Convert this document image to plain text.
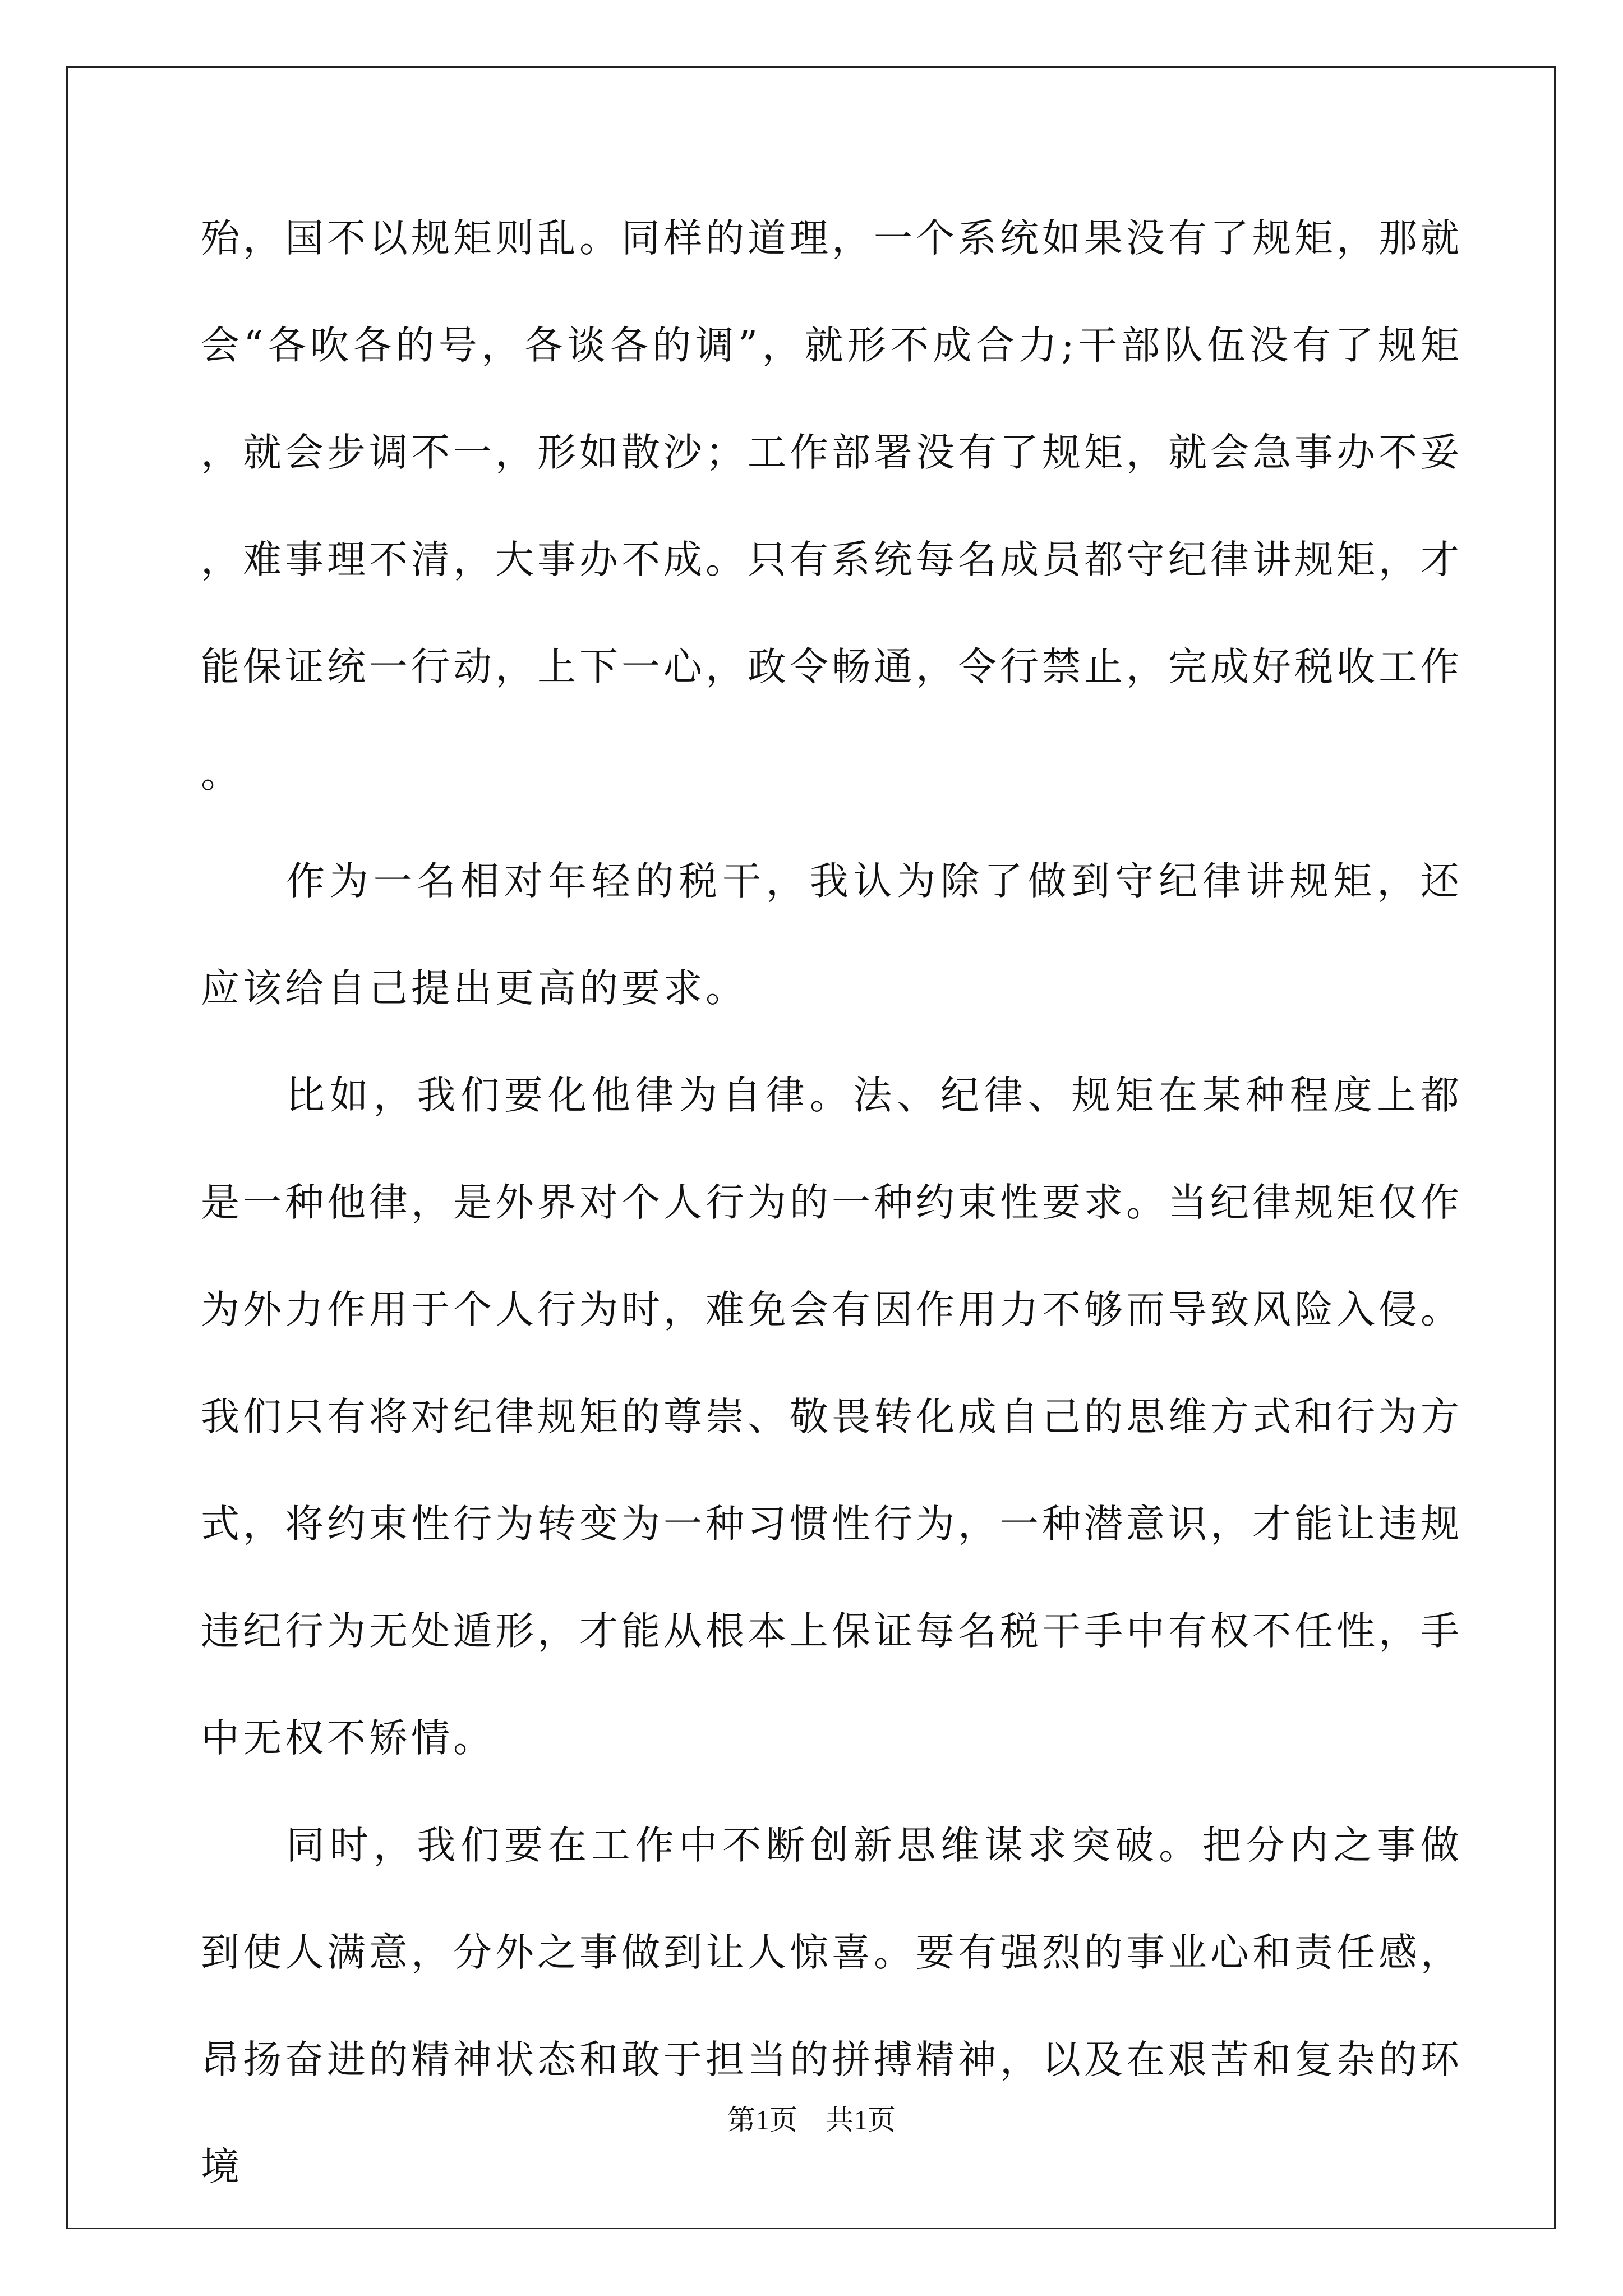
殆，国不以规矩则乱。同样的道理，一个系统如果没有了规矩，那就会“各吹各的号，各谈各的调”，就形不成合力;干部队伍没有了规矩，就会步调不一，形如散沙；工作部署没有了规矩，就会急事办不妥，难事理不清，大事办不成。只有系统每名成员都守纪律讲规矩，才能保证统一行动，上下一心，政令畅通，令行禁止，完成好税收工作。

作为一名相对年轻的税干，我认为除了做到守纪律讲规矩，还应该给自己提出更高的要求。

比如，我们要化他律为自律。法、纪律、规矩在某种程度上都是一种他律，是外界对个人行为的一种约束性要求。当纪律规矩仅作为外力作用于个人行为时，难免会有因作用力不够而导致风险入侵。我们只有将对纪律规矩的尊崇、敬畏转化成自己的思维方式和行为方式，将约束性行为转变为一种习惯性行为，一种潜意识，才能让违规违纪行为无处遁形，才能从根本上保证每名税干手中有权不任性，手中无权不矫情。

同时，我们要在工作中不断创新思维谋求突破。把分内之事做到使人满意，分外之事做到让人惊喜。要有强烈的事业心和责任感，昂扬奋进的精神状态和敢于担当的拼搏精神，以及在艰苦和复杂的环境

第1页　共1页
